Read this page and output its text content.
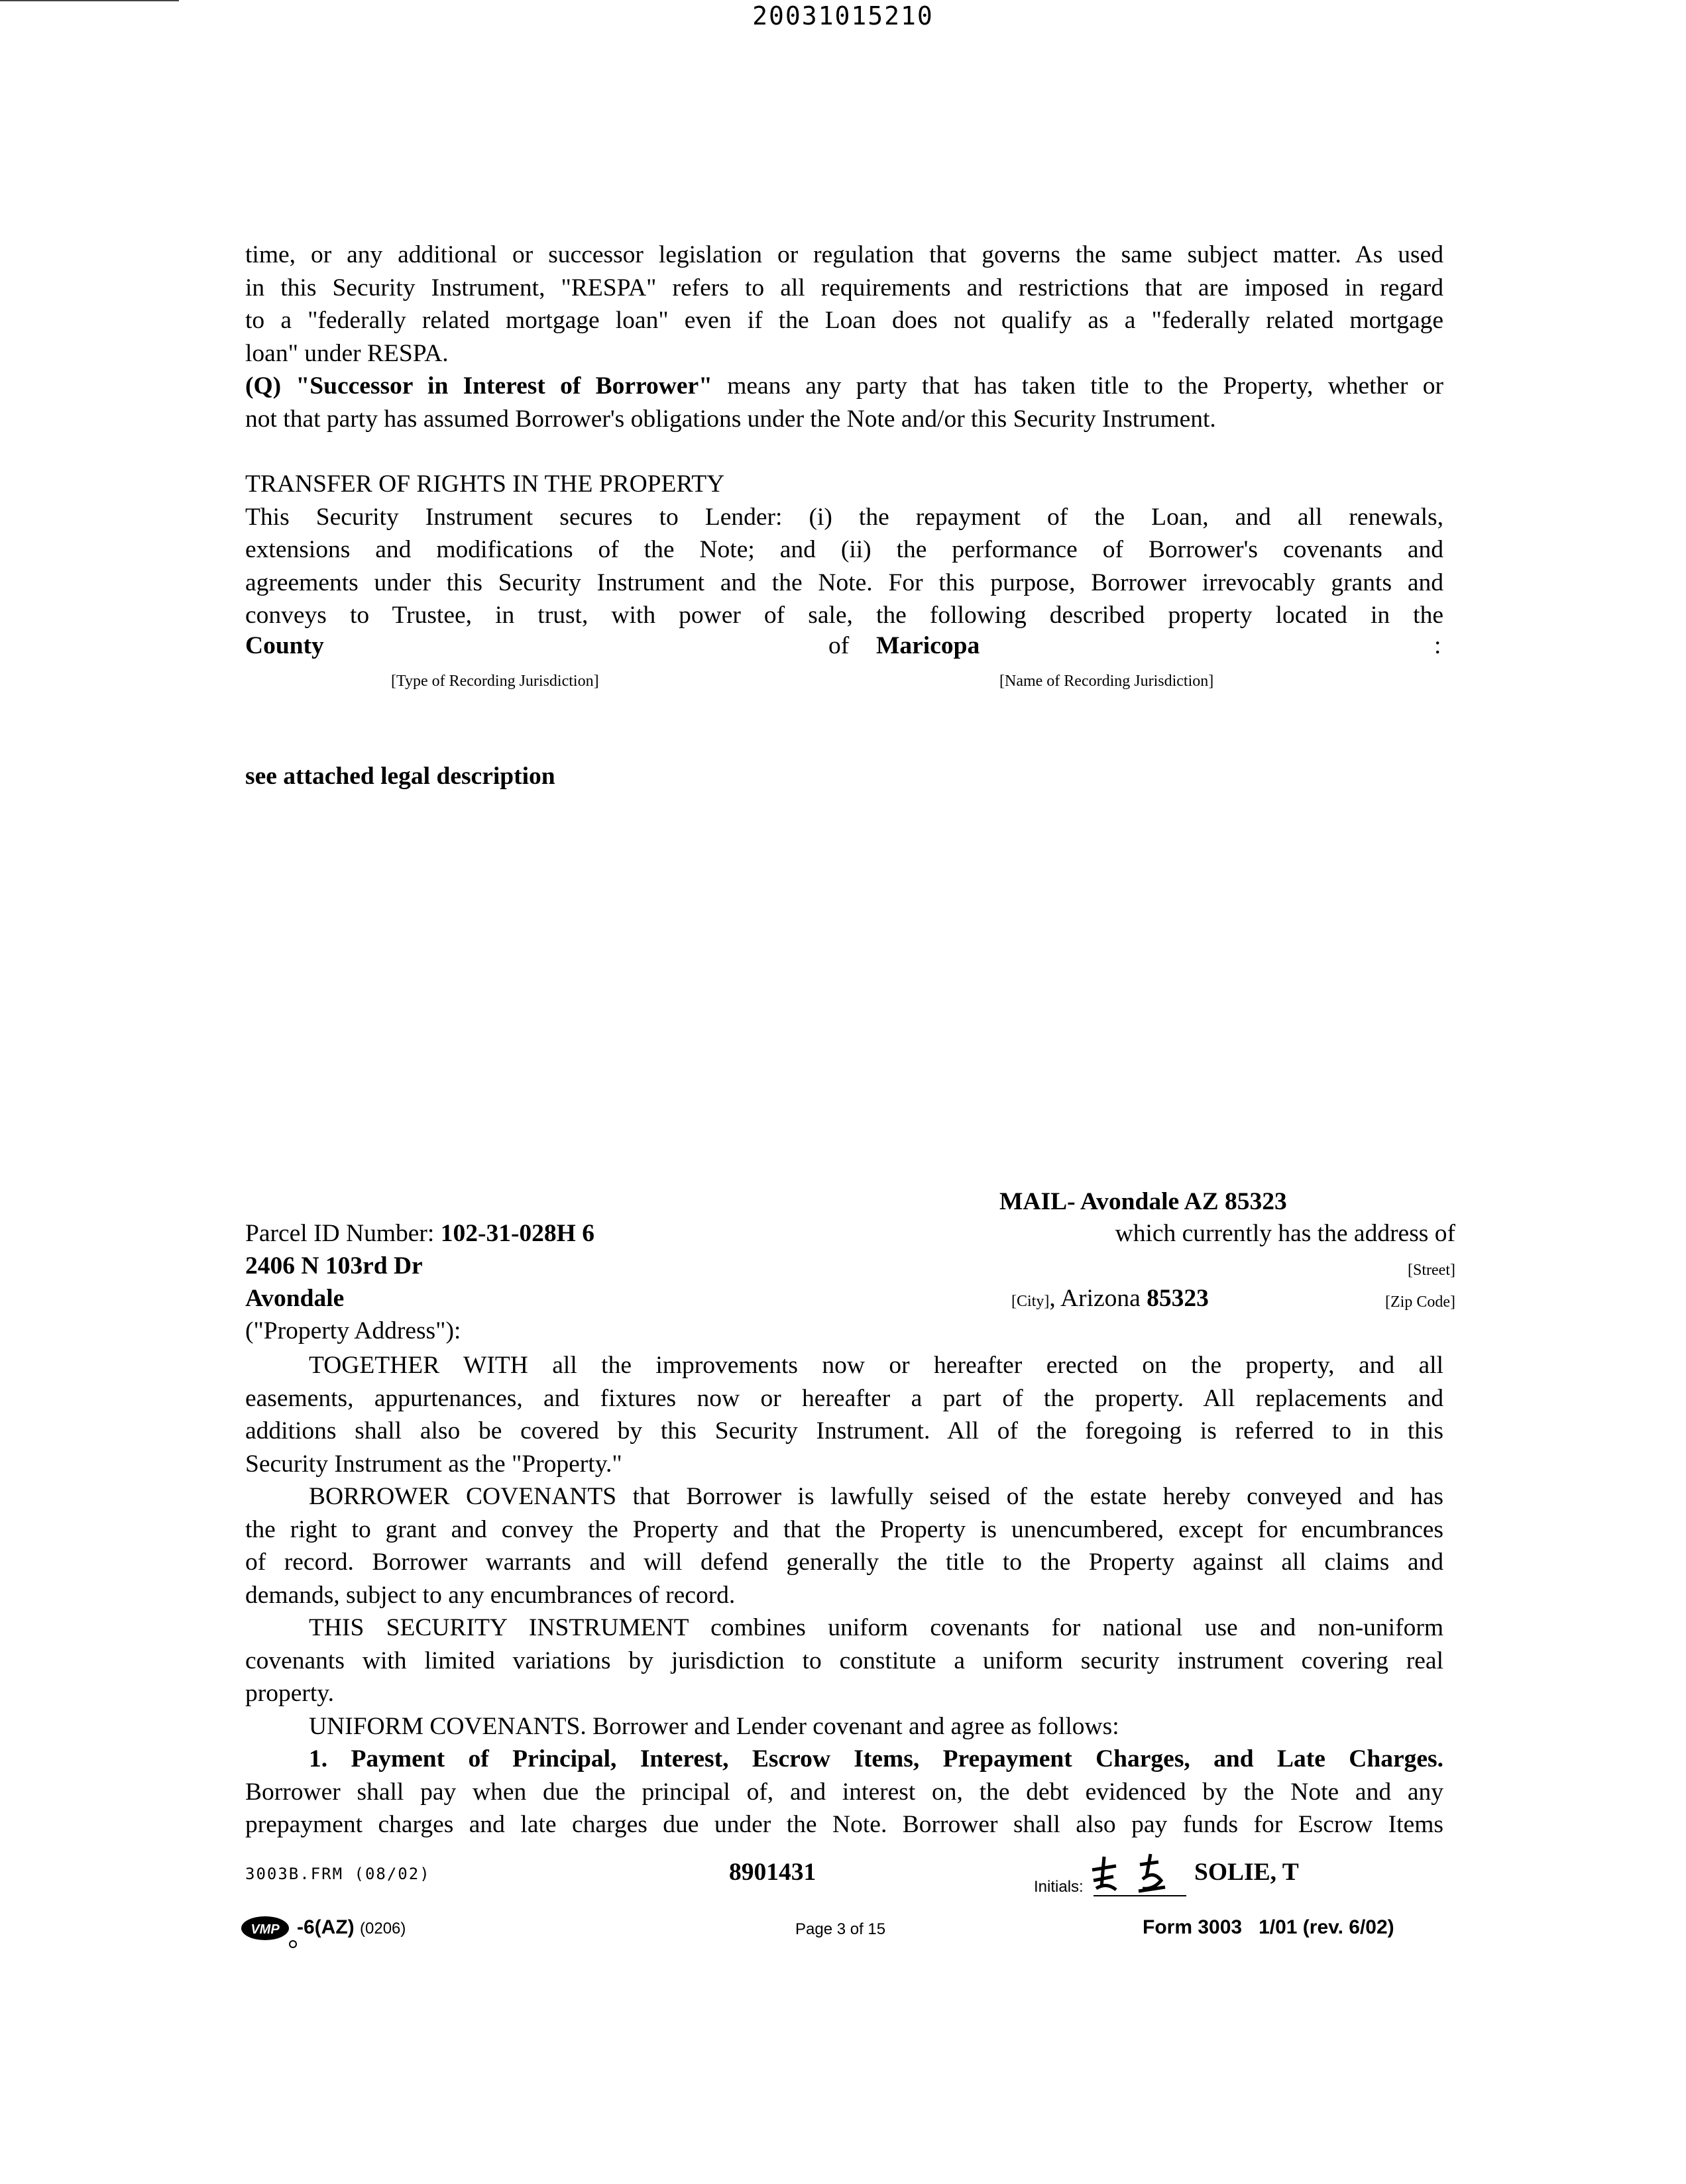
20031015210
time, or any additional or successor legislation or regulation that governs the same subject matter. As used
in this Security Instrument, "RESPA" refers to all requirements and restrictions that are imposed in regard
to a "federally related mortgage loan" even if the Loan does not qualify as a "federally related mortgage
loan" under RESPA.
(Q) "Successor in Interest of Borrower" means any party that has taken title to the Property, whether or
not that party has assumed Borrower's obligations under the Note and/or this Security Instrument.
TRANSFER OF RIGHTS IN THE PROPERTY
This Security Instrument secures to Lender: (i) the repayment of the Loan, and all renewals,
extensions and modifications of the Note; and (ii) the performance of Borrower's covenants and
agreements under this Security Instrument and the Note. For this purpose, Borrower irrevocably grants and
conveys to Trustee, in trust, with power of sale, the following described property located in the
County	of Maricopa	:
[Type of Recording Jurisdiction]	[Name of Recording Jurisdiction]
see attached legal description
MAIL- Avondale AZ 85323
Parcel ID Number: 102-31-028H 6	which currently has the address of
2406 N 103rd Dr	[Street]
Avondale	[City], Arizona 85323	[Zip Code]
("Property Address"):
TOGETHER WITH all the improvements now or hereafter erected on the property, and all
easements, appurtenances, and fixtures now or hereafter a part of the property. All replacements and
additions shall also be covered by this Security Instrument. All of the foregoing is referred to in this
Security Instrument as the "Property."
BORROWER COVENANTS that Borrower is lawfully seised of the estate hereby conveyed and has
the right to grant and convey the Property and that the Property is unencumbered, except for encumbrances
of record. Borrower warrants and will defend generally the title to the Property against all claims and
demands, subject to any encumbrances of record.
THIS SECURITY INSTRUMENT combines uniform covenants for national use and non-uniform
covenants with limited variations by jurisdiction to constitute a uniform security instrument covering real
property.
UNIFORM COVENANTS. Borrower and Lender covenant and agree as follows:
1. Payment of Principal, Interest, Escrow Items, Prepayment Charges, and Late Charges.
Borrower shall pay when due the principal of, and interest on, the debt evidenced by the Note and any
prepayment charges and late charges due under the Note. Borrower shall also pay funds for Escrow Items
3003B.FRM (08/02)	8901431
Initials:
SOLIE, T
VMP -6(AZ) (0206)	Page 3 of 15	Form 3003   1/01 (rev. 6/02)
